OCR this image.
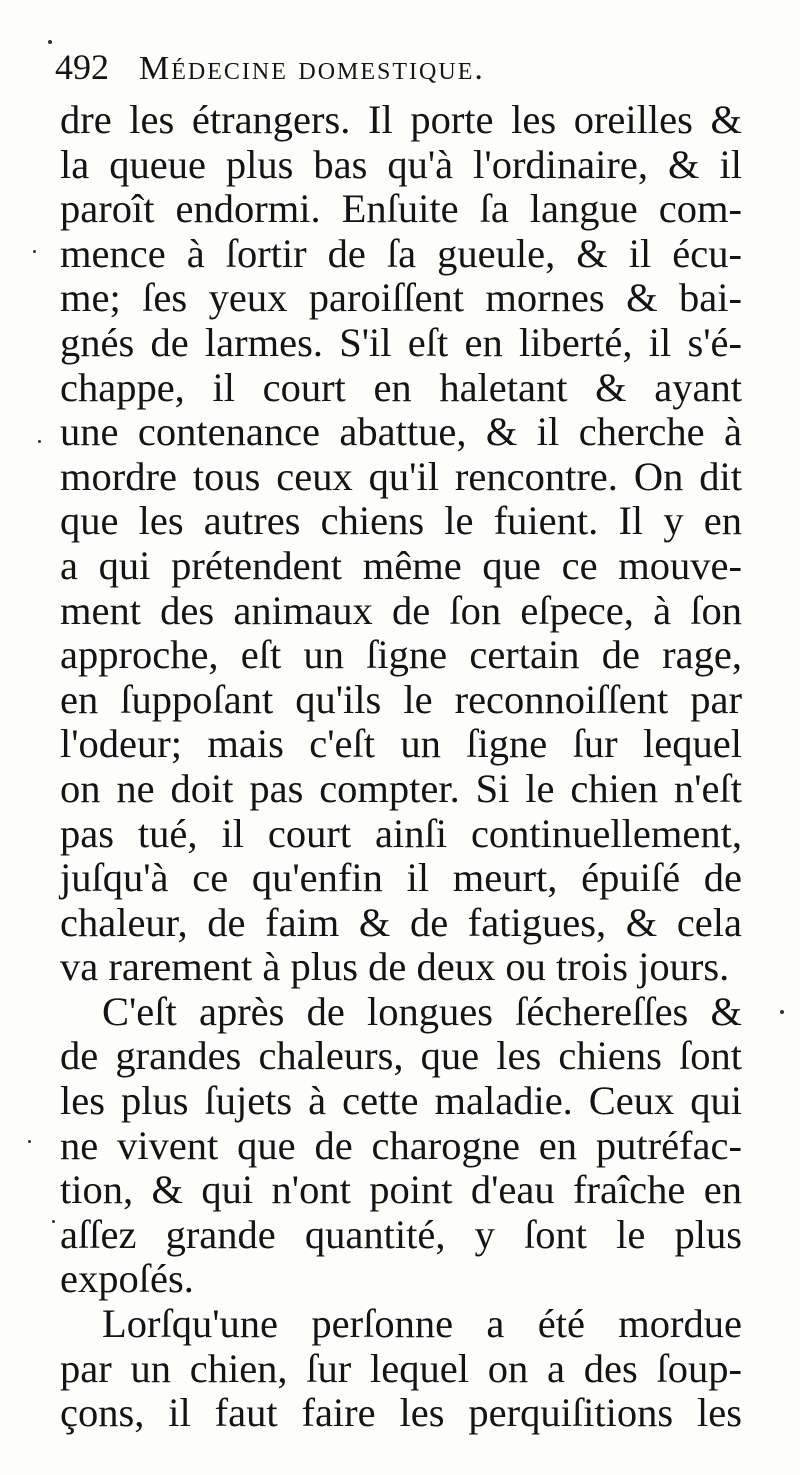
492 Médecine domestique.
dre les étrangers. Il porte les oreilles &
la queue plus bas qu'à l'ordinaire, & il
paroît endormi. Enſuite ſa langue com-
mence à ſortir de ſa gueule, & il écu-
me; ſes yeux paroiſſent mornes & bai-
gnés de larmes. S'il eſt en liberté, il s'é-
chappe, il court en haletant & ayant
une contenance abattue, & il cherche à
mordre tous ceux qu'il rencontre. On dit
que les autres chiens le fuient. Il y en
a qui prétendent même que ce mouve-
ment des animaux de ſon eſpece, à ſon
approche, eſt un ſigne certain de rage,
en ſuppoſant qu'ils le reconnoiſſent par
l'odeur; mais c'eſt un ſigne ſur lequel
on ne doit pas compter. Si le chien n'eſt
pas tué, il court ainſi continuellement,
juſqu'à ce qu'enfin il meurt, épuiſé de
chaleur, de faim & de fatigues, & cela
va rarement à plus de deux ou trois jours.
C'eſt après de longues ſéchereſſes &
de grandes chaleurs, que les chiens ſont
les plus ſujets à cette maladie. Ceux qui
ne vivent que de charogne en putréfac-
tion, & qui n'ont point d'eau fraîche en
aſſez grande quantité, y ſont le plus
expoſés.
Lorſqu'une perſonne a été mordue
par un chien, ſur lequel on a des ſoup-
çons, il faut faire les perquiſitions les
